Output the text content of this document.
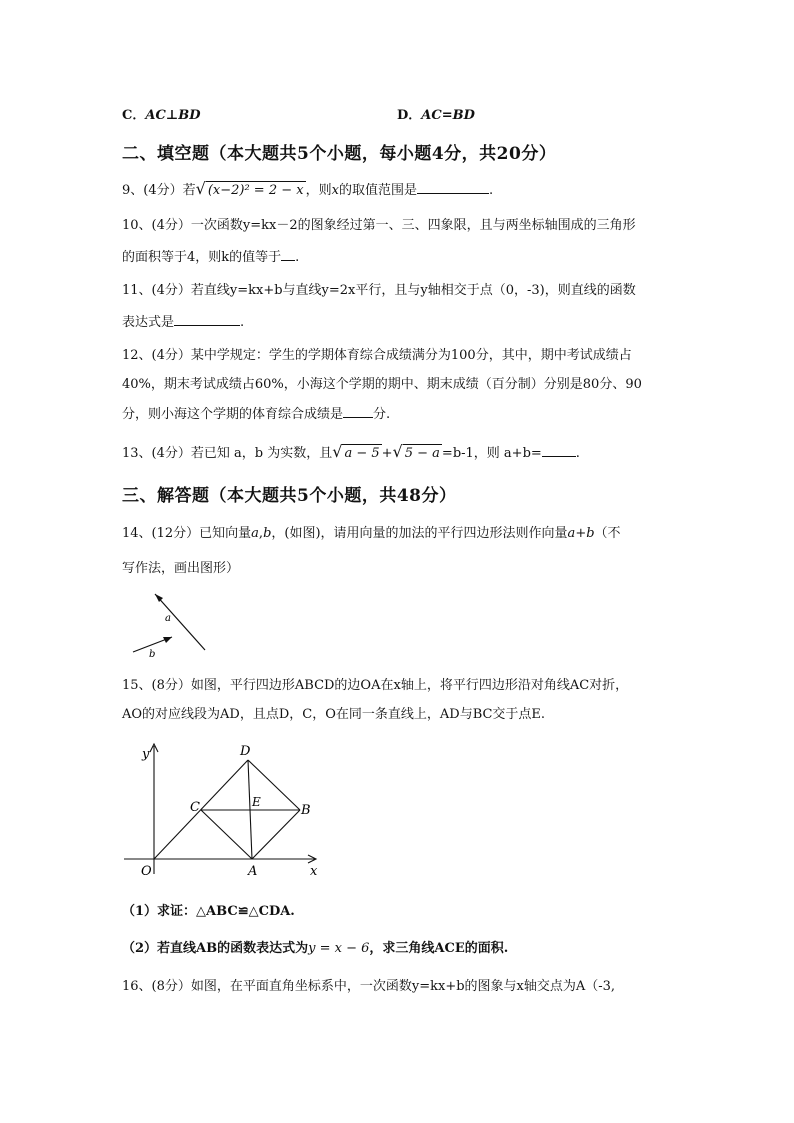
C．AC⊥BD	D．AC=BD
二、填空题（本大题共5个小题，每小题4分，共20分）
9、(4分）若√ (x−2)² = 2 − x ，则x的取值范围是	.
10、(4分）一次函数y=kx－2的图象经过第一、三、四象限，且与两坐标轴围成的三角形
的面积等于4，则k的值等于 .
11、(4分）若直线y=kx+b与直线y=2x平行，且与y轴相交于点（0，-3)，则直线的函数
表达式是	.
12、(4分）某中学规定：学生的学期体育综合成绩满分为100分，其中，期中考试成绩占
40%，期末考试成绩占60%，小海这个学期的期中、期末成绩（百分制）分别是80分、90
分，则小海这个学期的体育综合成绩是 分.
13、(4分）若已知 a，b 为实数，且√ a − 5 +√ 5 − a =b-1，则 a+b=	.
三、解答题（本大题共5个小题，共48分）
14、(12分）已知向量a,b，(如图)，请用向量的加法的平行四边形法则作向量a+b（不
写作法，画出图形）
a
b
15、(8分）如图，平行四边形ABCD的边OA在x轴上，将平行四边形沿对角线AC对折，
AO的对应线段为AD，且点D，C，O在同一条直线上，AD与BC交于点E.
y
x
O	A
B
C
D
E
（1）求证：△ABC≌△CDA.
（2）若直线AB的函数表达式为y = x − 6，求三角线ACE的面积.
16、(8分）如图，在平面直角坐标系中，一次函数y=kx+b的图象与x轴交点为A（-3,
